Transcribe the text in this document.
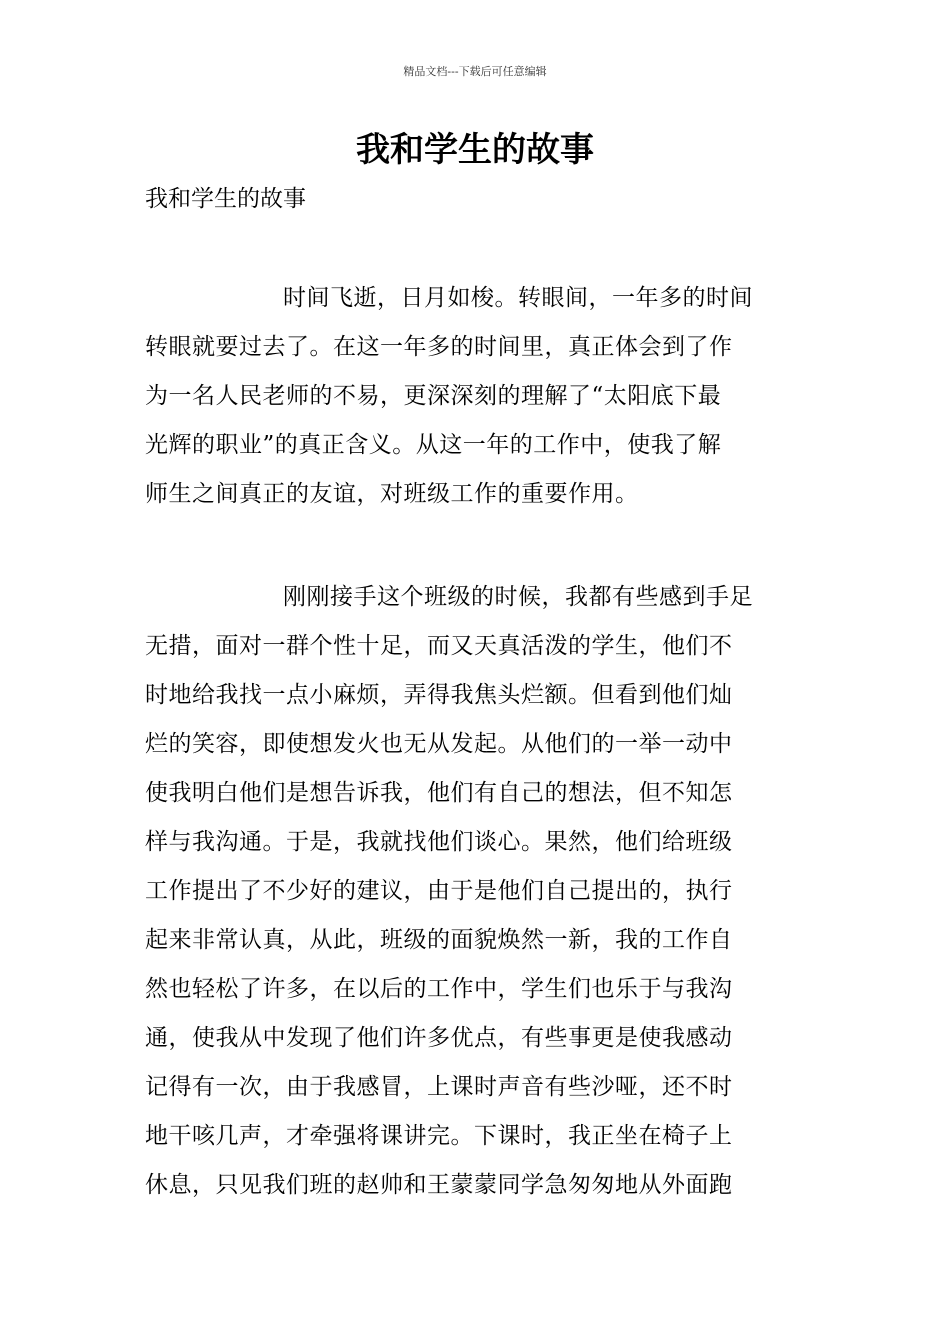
精品文档---下载后可任意编辑
我和学生的故事

我和学生的故事

时间飞逝，日月如梭。转眼间，一年多的时间
转眼就要过去了。在这一年多的时间里，真正体会到了作
为一名人民老师的不易，更深深刻的理解了“太阳底下最
光辉的职业”的真正含义。从这一年的工作中，使我了解
师生之间真正的友谊，对班级工作的重要作用。
刚刚接手这个班级的时候，我都有些感到手足
无措，面对一群个性十足，而又天真活泼的学生，他们不
时地给我找一点小麻烦，弄得我焦头烂额。但看到他们灿
烂的笑容，即使想发火也无从发起。从他们的一举一动中
使我明白他们是想告诉我，他们有自己的想法，但不知怎
样与我沟通。于是，我就找他们谈心。果然，他们给班级
工作提出了不少好的建议，由于是他们自己提出的，执行
起来非常认真，从此，班级的面貌焕然一新，我的工作自
然也轻松了许多，在以后的工作中，学生们也乐于与我沟
通，使我从中发现了他们许多优点，有些事更是使我感动
记得有一次，由于我感冒，上课时声音有些沙哑，还不时
地干咳几声，才牵强将课讲完。下课时，我正坐在椅子上
休息，只见我们班的赵帅和王蒙蒙同学急匆匆地从外面跑
